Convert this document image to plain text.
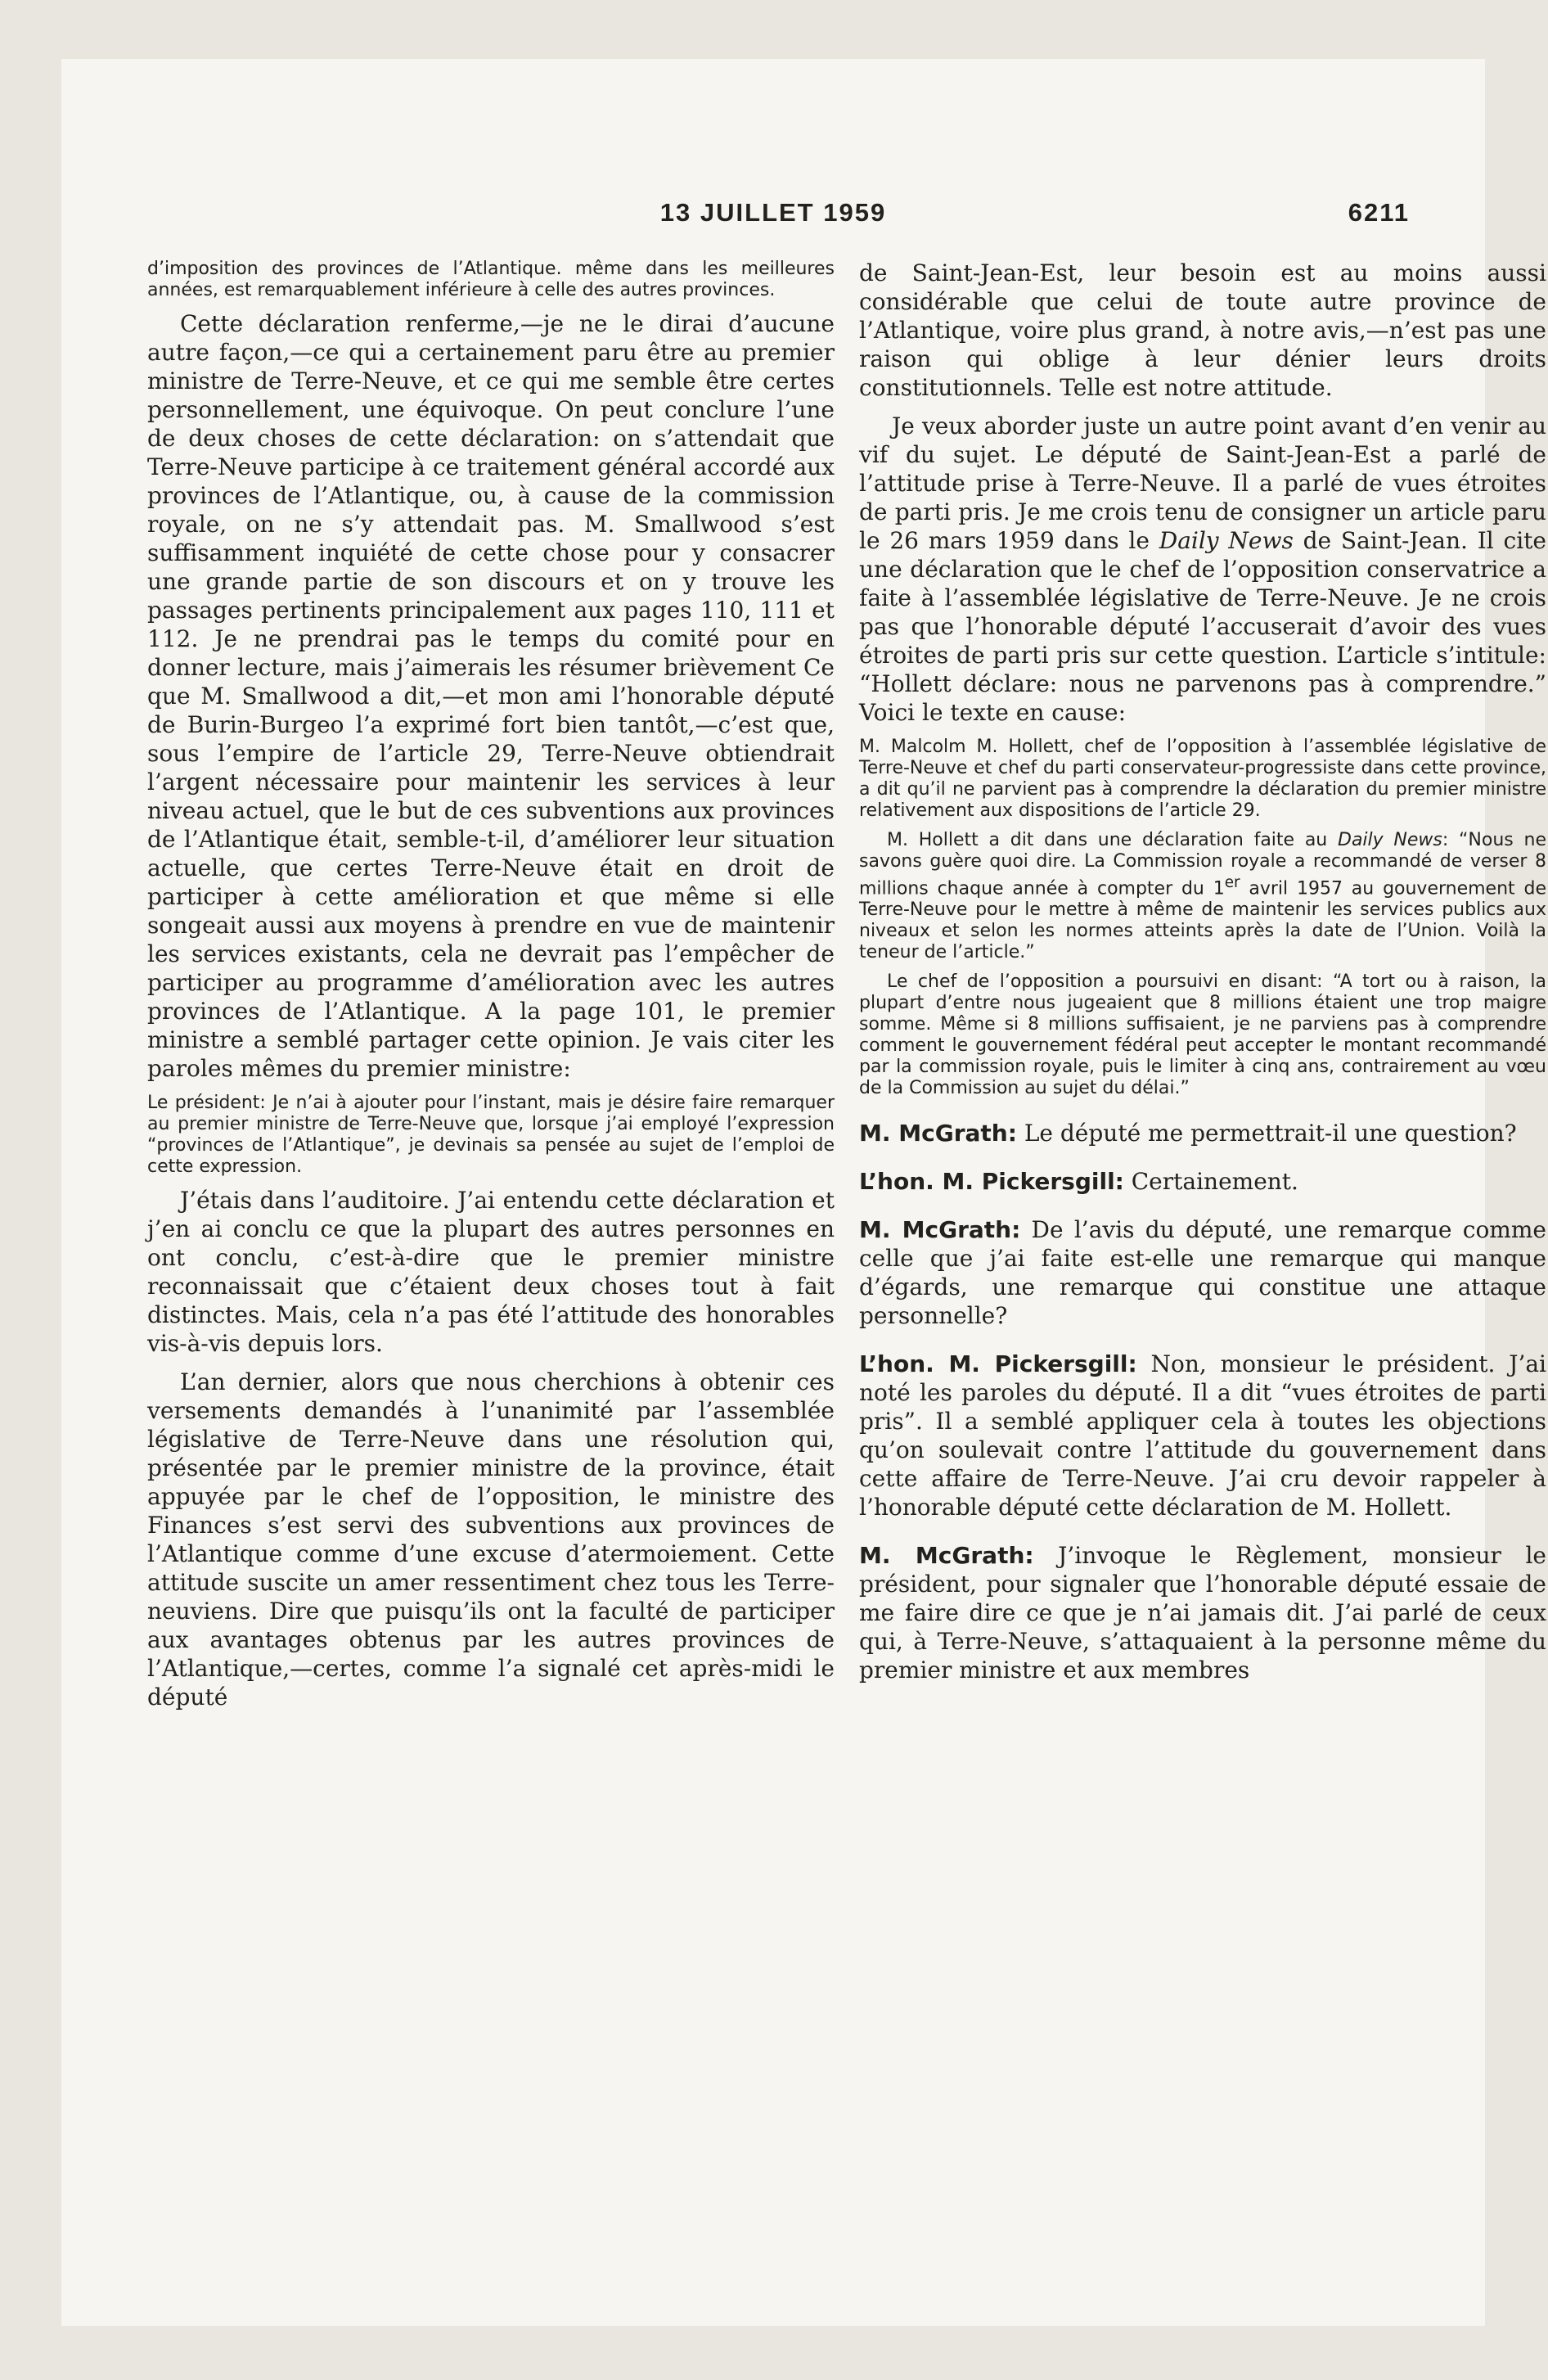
13 JUILLET 1959	6211

d’imposition des provinces de l’Atlantique. même dans les meilleures années, est remarquablement inférieure à celle des autres provinces.

Cette déclaration renferme,—je ne le dirai d’aucune autre façon,—ce qui a certainement paru être au premier ministre de Terre-Neuve, et ce qui me semble être certes personnellement, une équivoque. On peut conclure l’une de deux choses de cette déclaration: on s’attendait que Terre-Neuve participe à ce traitement général accordé aux provinces de l’Atlantique, ou, à cause de la commission royale, on ne s’y attendait pas. M. Smallwood s’est suffisamment inquiété de cette chose pour y consacrer une grande partie de son discours et on y trouve les passages pertinents principalement aux pages 110, 111 et 112. Je ne prendrai pas le temps du comité pour en donner lecture, mais j’aimerais les résumer brièvement Ce que M. Smallwood a dit,—et mon ami l’honorable député de Burin-Burgeo l’a exprimé fort bien tantôt,—c’est que, sous l’empire de l’article 29, Terre-Neuve obtiendrait l’argent nécessaire pour maintenir les services à leur niveau actuel, que le but de ces subventions aux provinces de l’Atlantique était, semble-t-il, d’améliorer leur situation actuelle, que certes Terre-Neuve était en droit de participer à cette amélioration et que même si elle songeait aussi aux moyens à prendre en vue de maintenir les services existants, cela ne devrait pas l’empêcher de participer au programme d’amélioration avec les autres provinces de l’Atlantique. A la page 101, le premier ministre a semblé partager cette opinion. Je vais citer les paroles mêmes du premier ministre:

Le président: Je n’ai à ajouter pour l’instant, mais je désire faire remarquer au premier ministre de Terre-Neuve que, lorsque j’ai employé l’expression “provinces de l’Atlantique”, je devinais sa pensée au sujet de l’emploi de cette expression.

J’étais dans l’auditoire. J’ai entendu cette déclaration et j’en ai conclu ce que la plupart des autres personnes en ont conclu, c’est-à-dire que le premier ministre reconnaissait que c’étaient deux choses tout à fait distinctes. Mais, cela n’a pas été l’attitude des honorables vis-à-vis depuis lors.

L’an dernier, alors que nous cherchions à obtenir ces versements demandés à l’unanimité par l’assemblée législative de Terre-Neuve dans une résolution qui, présentée par le premier ministre de la province, était appuyée par le chef de l’opposition, le ministre des Finances s’est servi des subventions aux provinces de l’Atlantique comme d’une excuse d’atermoiement. Cette attitude suscite un amer ressentiment chez tous les Terre-neuviens. Dire que puisqu’ils ont la faculté de participer aux avantages obtenus par les autres provinces de l’Atlantique,—certes, comme l’a signalé cet après-midi le député

de Saint-Jean-Est, leur besoin est au moins aussi considérable que celui de toute autre province de l’Atlantique, voire plus grand, à notre avis,—n’est pas une raison qui oblige à leur dénier leurs droits constitutionnels. Telle est notre attitude.

Je veux aborder juste un autre point avant d’en venir au vif du sujet. Le député de Saint-Jean-Est a parlé de l’attitude prise à Terre-Neuve. Il a parlé de vues étroites de parti pris. Je me crois tenu de consigner un article paru le 26 mars 1959 dans le Daily News de Saint-Jean. Il cite une déclaration que le chef de l’opposition conservatrice a faite à l’assemblée législative de Terre-Neuve. Je ne crois pas que l’honorable député l’accuserait d’avoir des vues étroites de parti pris sur cette question. L’article s’intitule: “Hollett déclare: nous ne parvenons pas à comprendre.” Voici le texte en cause:

M. Malcolm M. Hollett, chef de l’opposition à l’assemblée législative de Terre-Neuve et chef du parti conservateur-progressiste dans cette province, a dit qu’il ne parvient pas à comprendre la déclaration du premier ministre relativement aux dispositions de l’article 29.

M. Hollett a dit dans une déclaration faite au Daily News: “Nous ne savons guère quoi dire. La Commission royale a recommandé de verser 8 millions chaque année à compter du 1er avril 1957 au gouvernement de Terre-Neuve pour le mettre à même de maintenir les services publics aux niveaux et selon les normes atteints après la date de l’Union. Voilà la teneur de l’article.”

Le chef de l’opposition a poursuivi en disant: “A tort ou à raison, la plupart d’entre nous jugeaient que 8 millions étaient une trop maigre somme. Même si 8 millions suffisaient, je ne parviens pas à comprendre comment le gouvernement fédéral peut accepter le montant recommandé par la commission royale, puis le limiter à cinq ans, contrairement au vœu de la Commission au sujet du délai.”

M. McGrath: Le député me permettrait-il une question?

L’hon. M. Pickersgill: Certainement.

M. McGrath: De l’avis du député, une remarque comme celle que j’ai faite est-elle une remarque qui manque d’égards, une remarque qui constitue une attaque personnelle?

L’hon. M. Pickersgill: Non, monsieur le président. J’ai noté les paroles du député. Il a dit “vues étroites de parti pris”. Il a semblé appliquer cela à toutes les objections qu’on soulevait contre l’attitude du gouvernement dans cette affaire de Terre-Neuve. J’ai cru devoir rappeler à l’honorable député cette déclaration de M. Hollett.

M. McGrath: J’invoque le Règlement, monsieur le président, pour signaler que l’honorable député essaie de me faire dire ce que je n’ai jamais dit. J’ai parlé de ceux qui, à Terre-Neuve, s’attaquaient à la personne même du premier ministre et aux membres
